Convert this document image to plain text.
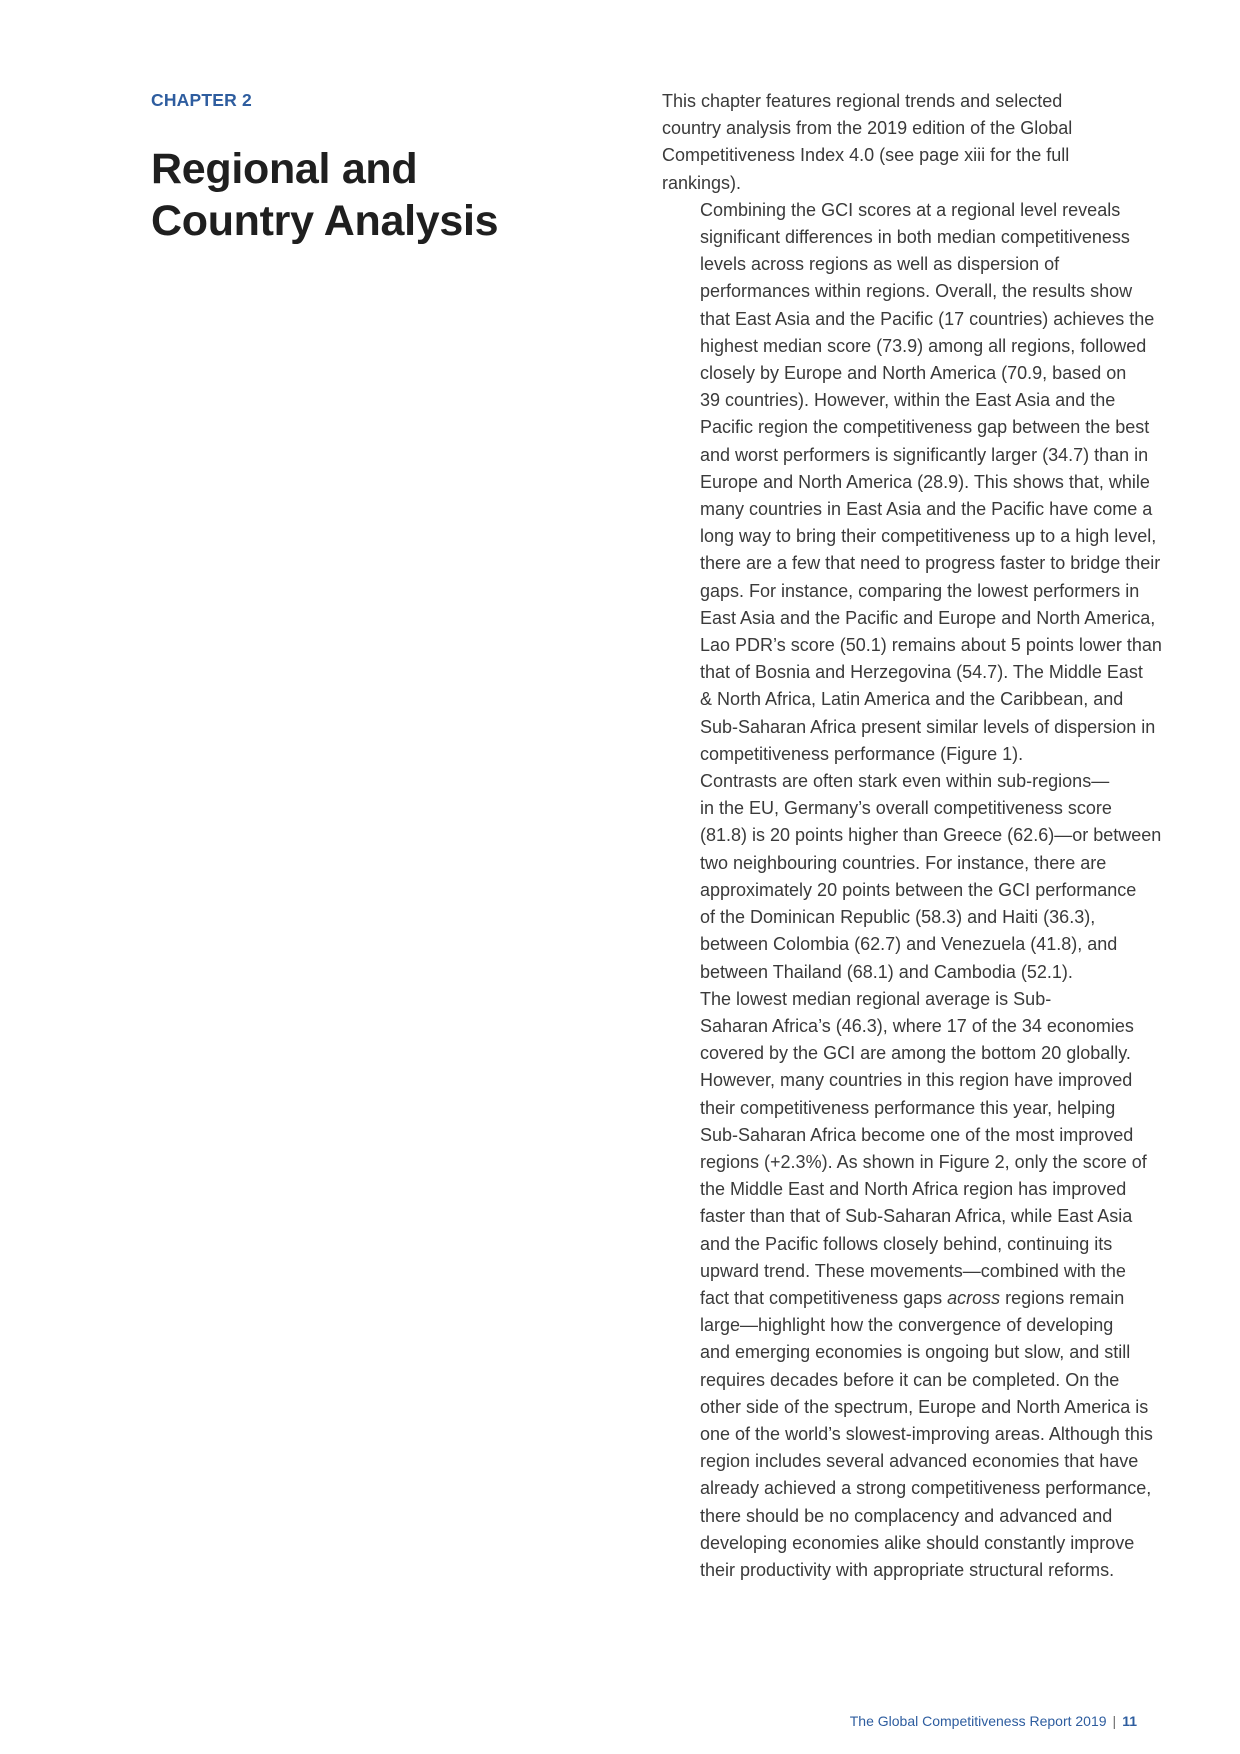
CHAPTER 2
Regional and
Country Analysis

This chapter features regional trends and selected
country analysis from the 2019 edition of the Global
Competitiveness Index 4.0 (see page xiii for the full
rankings).

Combining the GCI scores at a regional level reveals
significant differences in both median competitiveness
levels across regions as well as dispersion of
performances within regions. Overall, the results show
that East Asia and the Pacific (17 countries) achieves the
highest median score (73.9) among all regions, followed
closely by Europe and North America (70.9, based on
39 countries). However, within the East Asia and the
Pacific region the competitiveness gap between the best
and worst performers is significantly larger (34.7) than in
Europe and North America (28.9). This shows that, while
many countries in East Asia and the Pacific have come a
long way to bring their competitiveness up to a high level,
there are a few that need to progress faster to bridge their
gaps. For instance, comparing the lowest performers in
East Asia and the Pacific and Europe and North America,
Lao PDR’s score (50.1) remains about 5 points lower than
that of Bosnia and Herzegovina (54.7). The Middle East
& North Africa, Latin America and the Caribbean, and
Sub-Saharan Africa present similar levels of dispersion in
competitiveness performance (Figure 1).

Contrasts are often stark even within sub-regions—
in the EU, Germany’s overall competitiveness score
(81.8) is 20 points higher than Greece (62.6)—or between
two neighbouring countries. For instance, there are
approximately 20 points between the GCI performance
of the Dominican Republic (58.3) and Haiti (36.3),
between Colombia (62.7) and Venezuela (41.8), and
between Thailand (68.1) and Cambodia (52.1).

The lowest median regional average is Sub-
Saharan Africa’s (46.3), where 17 of the 34 economies
covered by the GCI are among the bottom 20 globally.
However, many countries in this region have improved
their competitiveness performance this year, helping
Sub-Saharan Africa become one of the most improved
regions (+2.3%). As shown in Figure 2, only the score of
the Middle East and North Africa region has improved
faster than that of Sub-Saharan Africa, while East Asia
and the Pacific follows closely behind, continuing its
upward trend. These movements—combined with the
fact that competitiveness gaps across regions remain
large—highlight how the convergence of developing
and emerging economies is ongoing but slow, and still
requires decades before it can be completed. On the
other side of the spectrum, Europe and North America is
one of the world’s slowest-improving areas. Although this
region includes several advanced economies that have
already achieved a strong competitiveness performance,
there should be no complacency and advanced and
developing economies alike should constantly improve
their productivity with appropriate structural reforms.

The Global Competitiveness Report 2019 | 11
